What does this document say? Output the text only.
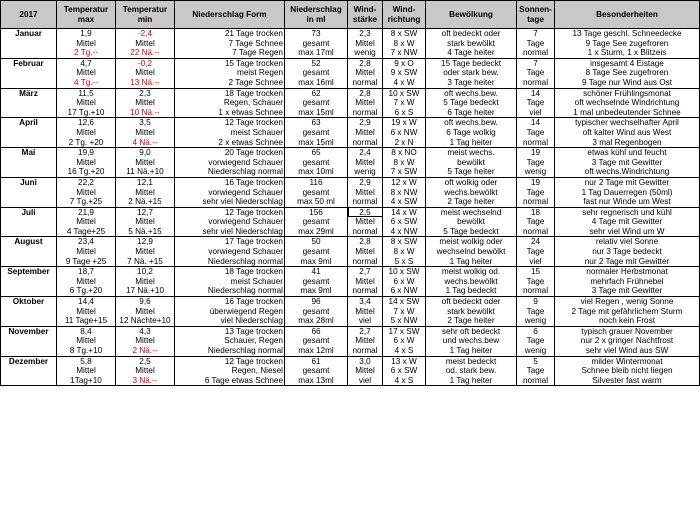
2017	Temperatur max	Temperatur min	Niederschlag Form	Niederschlag in ml	Wind-stärke	Wind-richtung	Bewölkung	Sonnen-tage	Besonderheiten
Januar	1,9	-2,4	21 Tage trocken	73	2,3	8 x SW	oft bedeckt oder	7	13 Tage geschl. Schneedecke
	Mittel	Mittel	7 Tage Schnee	gesamt	Mittel	8 x W	stark bewölkt	Tage	9 Tage See zugefroren
	2 Tg.--	22 Nä.--	7 Tage Regen	max 17ml	wenig	7 x NW	4 Tage heiter	normal	1 x Sturm, 1 x Blitzeis
Februar	4,7	-0,2	15 Tage trocken	52	2,8	9 x O	15 Tage bedeckt	7	insgesamt 4 Eistage
	Mittel	Mittel	meist Regen	gesamt	Mittel	9 x SW	oder stark bew.	Tage	8 Tage See zugefroren
	4 Tg.--	13 Nä.--	2 Tage Schnee	max 16ml	normal	4 x W	3 Tage heiter	normal	9 Tage nur Wind aus Ost
März	11,5	2,3	18 Tage trocken	62	2,8	10 x SW	oft wechs.bew.	14	schöner Frühlingsmonat
	Mittel	Mittel	Regen, Schauer	gesamt	Mittel	7 x W	5 Tage bedeckt	Tage	oft wechselnde Windrichtung
	17 Tg.+10	10 Nä.--	1 x etwas Schnee	max 15ml	normal	6 x S	6 Tage heiter	viel	1 mal unbedeutender Schnee
April	12,6	3,5	12 Tage trocken	63	2,9	19 x W	oft wechs.bew.	14	typischer wechselhafter April
	Mittel	Mittel	meist Schauer	gesamt	Mittel	6 x NW	6 Tage wolkig	Tage	oft kalter Wind aus West
	2 Tg. +20	4 Nä.--	2 x etwas Schnee	max 15ml	normal	2 x N	1 Tag heiter	normal	3 mal Regenbogen
Mai	19,9	9,0	20 Tage trocken	65	2,4	8 x NO	meist wechs.	19	etwas kühl und feucht
	Mittel	Mittel	vorwiegend Schauer	gesamt	Mittel	8 x W	bewölkt	Tage	3 Tage mit Gewitter
	16 Tg.+20	11 Nä.+10	Niederschlag normal	max 10ml	wenig	7 x SW	5 Tage heiter	wenig	oft wechs.Windrichtung
Juni	22,2	12,1	16 Tage trocken	116	2,9	12 x W	oft wolkig oder	19	nur 2 Tage mit Gewitter
	Mittel	Mittel	vorwiegend Schauer	gesamt	Mittel	8 x NW	wechs.bewölkt	Tage	1 Tag Dauerregen (50ml)
	7 Tg.+25	2 Nä.+15	sehr viel Niederschlag	max 50 ml	normal	4 x SW	2 Tage heiter	normal	fast nur Winde um West
Juli	21,9	12,7	12 Tage trocken	156	2,5	14 x W	meist wechselnd	18	sehr regnerisch und kühl
	Mittel	Mittel	vorwiegend Schauer	gesamt	Mittel	6 x SW	bewölkt	Tage	4 Tage mit Gewitter
	4 Tage+25	5 Nä.+15	sehr viel Niederschlag	max 29ml	normal	4 x NW	5 Tage bedeckt	normal	sehr viel Wind um W
August	23,4	12,9	17 Tage trocken	50	2,8	8 x SW	meist wolkig oder	24	relativ viel Sonne
	Mittel	Mittel	vorwiegend Schauer	gesamt	Mittel	8 x W	wechselnd bewölkt	Tage	nur 3 Tage bedeckt
	9 Tage +25	7 Nä. +15	Niederschlag normal	max 9ml	normal	5 x S	1 Tag heiter	viel	nur 2 Tage mit Gewitter
September	18,7	10,2	18 Tage trocken	41	2,7	10 x SW	meist wolkig od.	15	normaler Herbstmonat
	Mittel	Mittel	meist Schauer	gesamt	Mittel	6 x W	wechs.bewölkt	Tage	mehrfach Frühnebel
	6 Tg.+20	17 Nä.+10	Niederschlag normal	max 9ml	normal	6 x NW	1 Tag bedeckt	normal	3 Tage mit Gewitter
Oktober	14,4	9,6	16 Tage trocken	96	3,4	14 x SW	oft bedeckt oder	9	viel Regen , wenig Sonne
	Mittel	Mittel	überwiegend Regen	gesamt	Mittel	7 x W	stark bewölkt	Tage	2 Tage mit gefährlichem Sturm
	11 Tage+15	12 Nächte+10	viel Niederschlag	max 28ml	viel	5 x NW	2 Tage heiter	wenig	noch kein Frost
November	8,4	4,3	13 Tage trocken	66	2,7	17 x SW	sehr oft bedeckt	6	typisch grauer November
	Mittel	Mittel	Schauer, Regen	gesamt	Mittel	6 x W	und wechs.bew	Tage	nur 2 x gringer Nachtfrost
	8 Tg.+10	2 Nä.--	Niederschlag normal	max 12ml	normal	4 x S	1 Tag heiter	wenig	sehr viel Wind aus SW
Dezember	5,8	2,5	12 Tage trocken	61	3,0	13 x W	meist bedeckt	5	milder Wintermonat
	Mittel	Mittel	Regen, Niesel	gesamt	Mittel	6 x SW	od. stark bew.	Tage	Schnee bleib nicht liegen
	1Tag+10	3 Nä.--	6 Tage etwas Schnee	max 13ml	viel	4 x S	1 Tag heiter	normal	Silvester fast warm
